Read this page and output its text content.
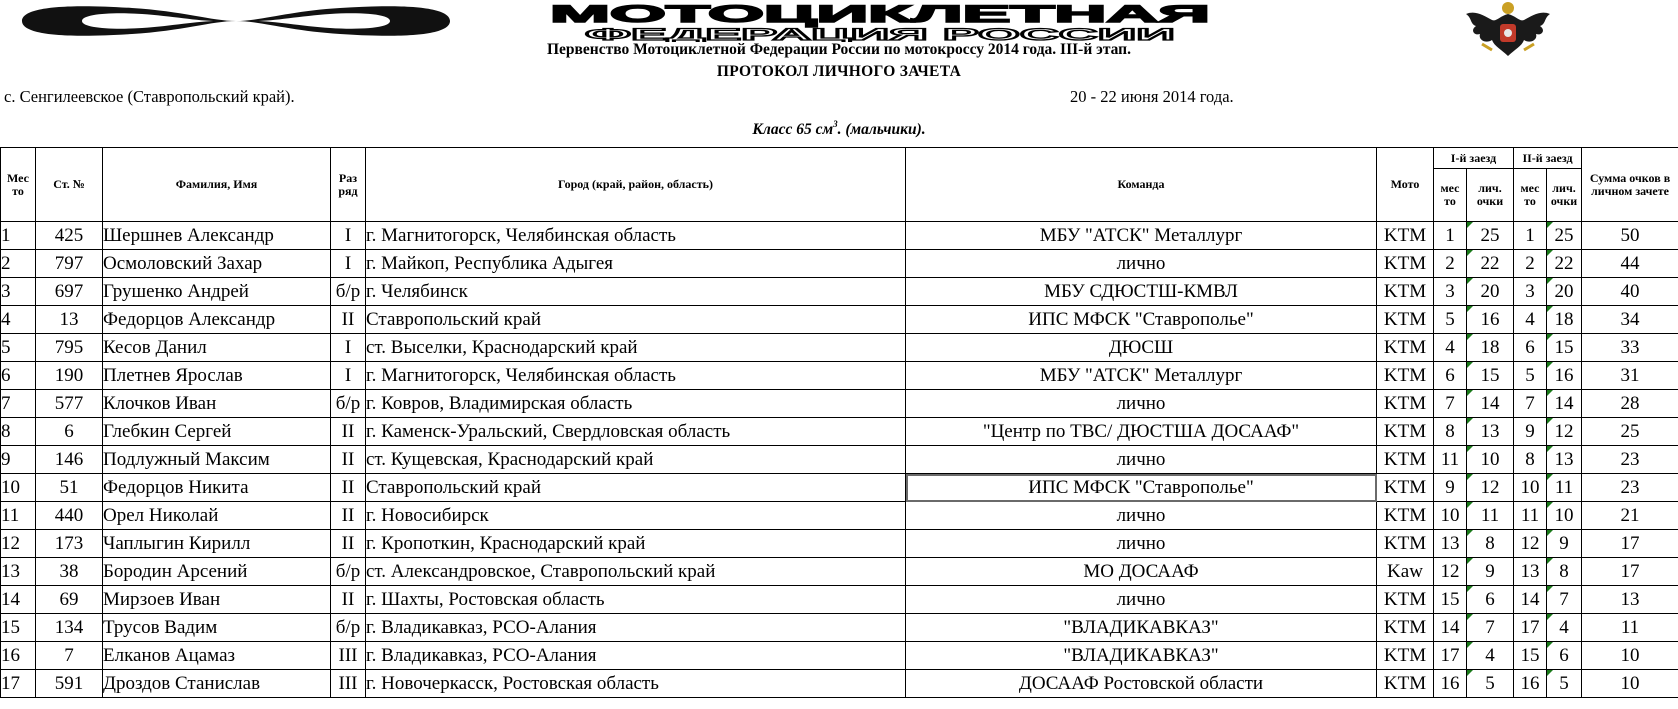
МОТОЦИКЛЕТНАЯ
ФЕДЕРАЦИЯ РОССИИ
Первенство Мотоциклетной Федерации России по мотокроссу 2014 года. III-й этап.
ПРОТОКОЛ ЛИЧНОГО ЗАЧЕТА
с. Сенгилеевское (Ставропольский край).	20 - 22 июня 2014 года.
Класс 65 $см^3$. (мальчики).
Мес то	Ст. №	Фамилия, Имя	Раз ряд	Город (край, район, область)	Команда	Мото	I-й заезд		II-й заезд		Сумма очков в личном зачете
							мес то	лич. очки	мес то	лич. очки	
1	425	Шершнев Александр	I	г. Магнитогорск, Челябинская область	МБУ "АТСК" Металлург	KTM	1	25	1	25	50
2	797	Осмоловский Захар	I	г. Майкоп, Республика Адыгея	лично	KTM	2	22	2	22	44
3	697	Грушенко Андрей	б/р	г. Челябинск	МБУ СДЮСТШ-КМВЛ	KTM	3	20	3	20	40
4	13	Федорцов Александр	II	Ставропольский край	ИПС МФСК "Ставрополье"	KTM	5	16	4	18	34
5	795	Кесов Данил	I	ст. Выселки, Краснодарский край	ДЮСШ	KTM	4	18	6	15	33
6	190	Плетнев Ярослав	I	г. Магнитогорск, Челябинская область	МБУ "АТСК" Металлург	KTM	6	15	5	16	31
7	577	Клочков Иван	б/р	г. Ковров, Владимирская область	лично	KTM	7	14	7	14	28
8	6	Глебкин Сергей	II	г. Каменск-Уральский, Свердловская область	"Центр по ТВС/ ДЮСТША ДОСААФ"	KTM	8	13	9	12	25
9	146	Подлужный Максим	II	ст. Кущевская, Краснодарский край	лично	KTM	11	10	8	13	23
10	51	Федорцов Никита	II	Ставропольский край	ИПС МФСК "Ставрополье"	KTM	9	12	10	11	23
11	440	Орел Николай	II	г. Новосибирск	лично	KTM	10	11	11	10	21
12	173	Чаплыгин Кирилл	II	г. Кропоткин, Краснодарский край	лично	KTM	13	8	12	9	17
13	38	Бородин Арсений	б/р	ст. Александровское, Ставропольский край	МО ДОСААФ	Kaw	12	9	13	8	17
14	69	Мирзоев Иван	II	г. Шахты, Ростовская область	лично	KTM	15	6	14	7	13
15	134	Трусов Вадим	б/р	г. Владикавказ, РСО-Алания	"ВЛАДИКАВКАЗ"	KTM	14	7	17	4	11
16	7	Елканов Ацамаз	III	г. Владикавказ, РСО-Алания	"ВЛАДИКАВКАЗ"	KTM	17	4	15	6	10
17	591	Дроздов Станислав	III	г. Новочеркасск, Ростовская область	ДОСААФ Ростовской области	KTM	16	5	16	5	10
